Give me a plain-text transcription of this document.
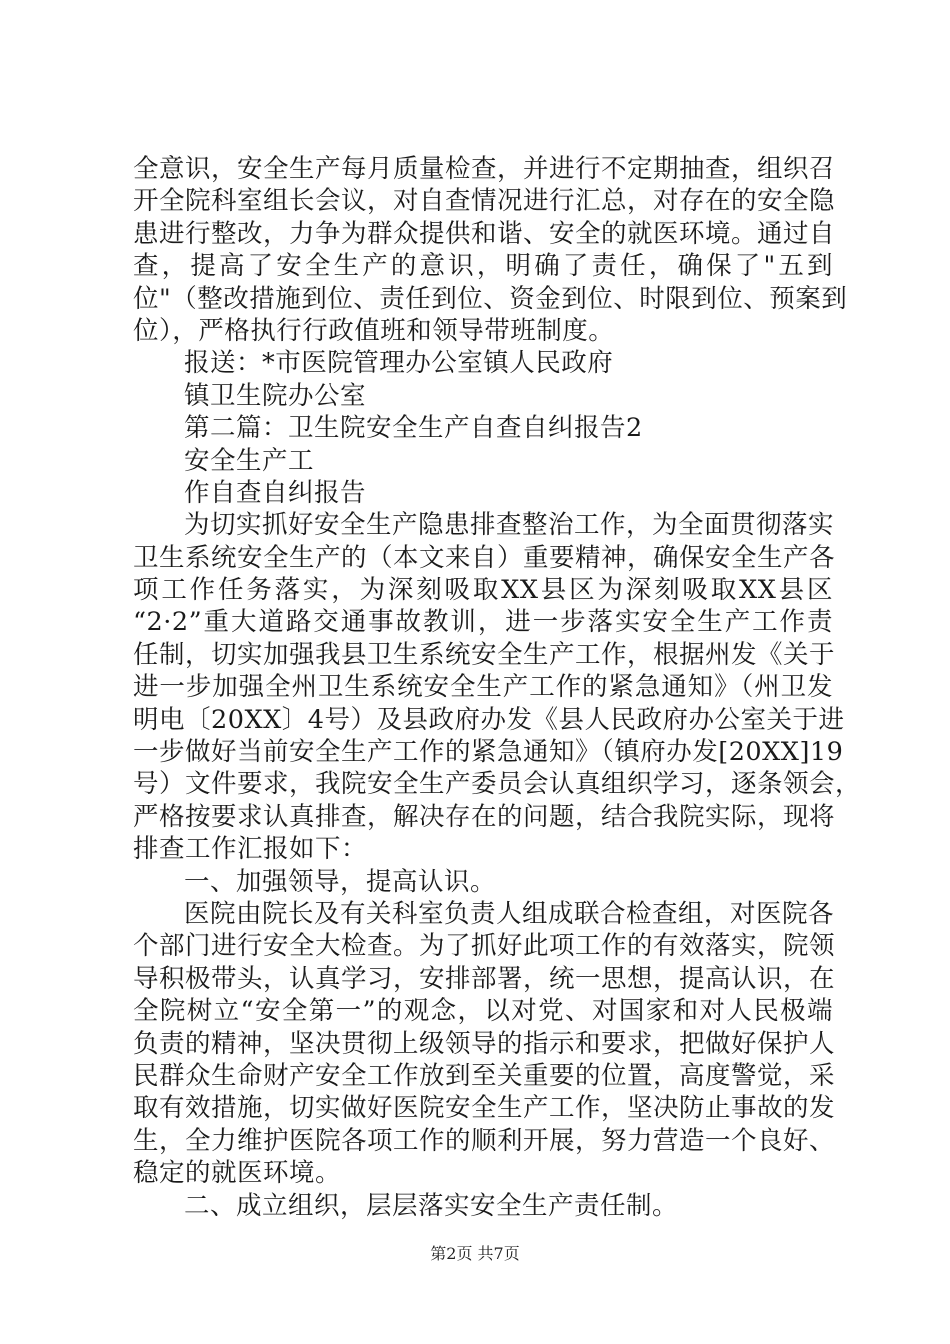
全意识，安全生产每月质量检查，并进行不定期抽查，组织召
开全院科室组长会议，对自查情况进行汇总，对存在的安全隐
患进行整改，力争为群众提供和谐、安全的就医环境。通过自
查，提高了安全生产的意识，明确了责任，确保了"五到
位"（整改措施到位、责任到位、资金到位、时限到位、预案到
位），严格执行行政值班和领导带班制度。
报送：*市医院管理办公室镇人民政府
镇卫生院办公室
第二篇：卫生院安全生产自查自纠报告2
安全生产工
作自查自纠报告
为切实抓好安全生产隐患排查整治工作，为全面贯彻落实
卫生系统安全生产的（本文来自）重要精神，确保安全生产各
项工作任务落实，为深刻吸取XX县区为深刻吸取XX县区
“2·2”重大道路交通事故教训，进一步落实安全生产工作责
任制，切实加强我县卫生系统安全生产工作，根据州发《关于
进一步加强全州卫生系统安全生产工作的紧急通知》（州卫发
明电〔20XX〕4号）及县政府办发《县人民政府办公室关于进
一步做好当前安全生产工作的紧急通知》（镇府办发[20XX]19
号）文件要求，我院安全生产委员会认真组织学习，逐条领会，
严格按要求认真排查，解决存在的问题，结合我院实际，现将
排查工作汇报如下：
一、加强领导，提高认识。
医院由院长及有关科室负责人组成联合检查组，对医院各
个部门进行安全大检查。为了抓好此项工作的有效落实，院领
导积极带头，认真学习，安排部署，统一思想，提高认识，在
全院树立“安全第一”的观念，以对党、对国家和对人民极端
负责的精神，坚决贯彻上级领导的指示和要求，把做好保护人
民群众生命财产安全工作放到至关重要的位置，高度警觉，采
取有效措施，切实做好医院安全生产工作，坚决防止事故的发
生，全力维护医院各项工作的顺利开展，努力营造一个良好、
稳定的就医环境。
二、成立组织，层层落实安全生产责任制。
第2页 共7页
